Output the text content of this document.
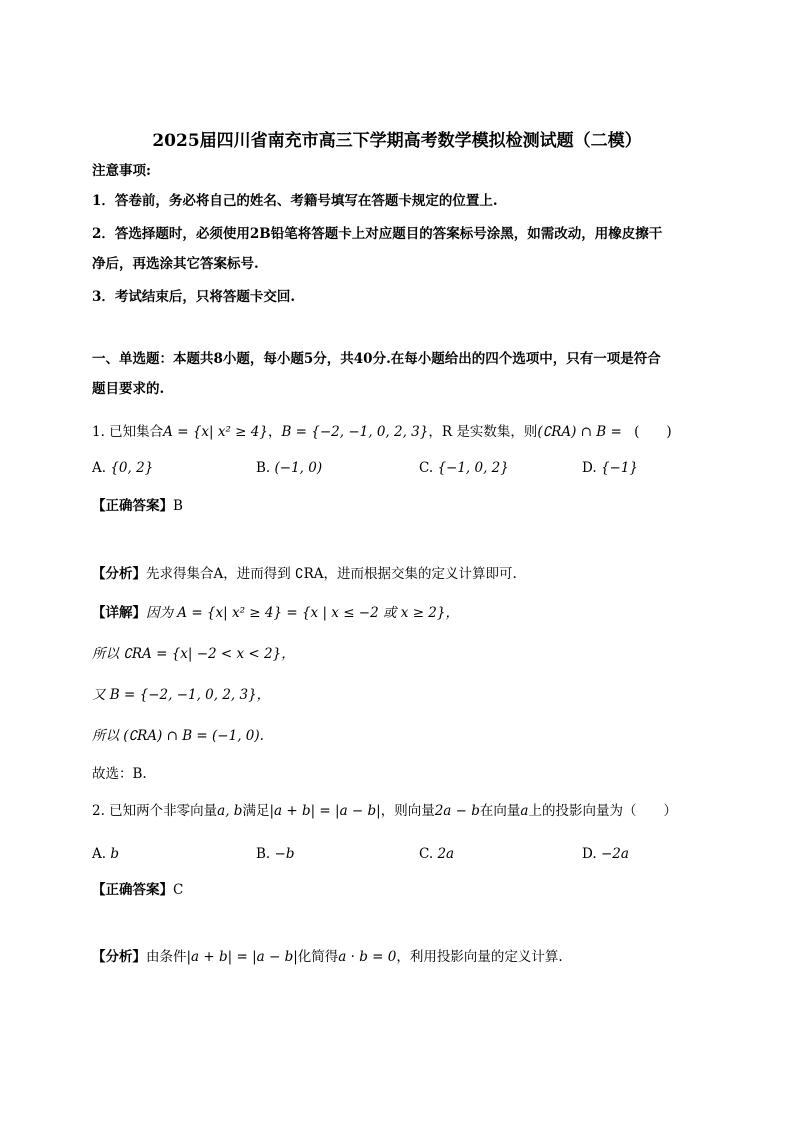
2025届四川省南充市高三下学期高考数学模拟检测试题（二模）
注意事项:
1．答卷前，务必将自己的姓名、考籍号填写在答题卡规定的位置上.
2．答选择题时，必须使用2B铅笔将答题卡上对应题目的答案标号涂黑，如需改动，用橡皮擦干
净后，再选涂其它答案标号.
3．考试结束后，只将答题卡交回.
一、单选题：本题共8小题，每小题5分，共40分.在每小题给出的四个选项中，只有一项是符合
题目要求的.
1. 已知集合A = {x| x² ≥ 4}，B = {−2, −1, 0, 2, 3}，R 是实数集，则(∁RA) ∩ B = (　　)
A. {0, 2}	B. (−1, 0)	C. {−1, 0, 2}	D. {−1}
【正确答案】B
【分析】先求得集合A，进而得到 ∁RA，进而根据交集的定义计算即可.
【详解】因为 A = {x| x² ≥ 4} = {x | x ≤ −2 或 x ≥ 2}，
所以 ∁RA = {x| −2 < x < 2}，
又 B = {−2, −1, 0, 2, 3}，
所以 (∁RA) ∩ B = (−1, 0).
故选：B.
2. 已知两个非零向量a, b满足|a + b| = |a − b|，则向量2a − b在向量a上的投影向量为（　　）
A. b	B. −b	C. 2a	D. −2a
【正确答案】C
【分析】由条件|a + b| = |a − b|化简得a · b = 0，利用投影向量的定义计算.
